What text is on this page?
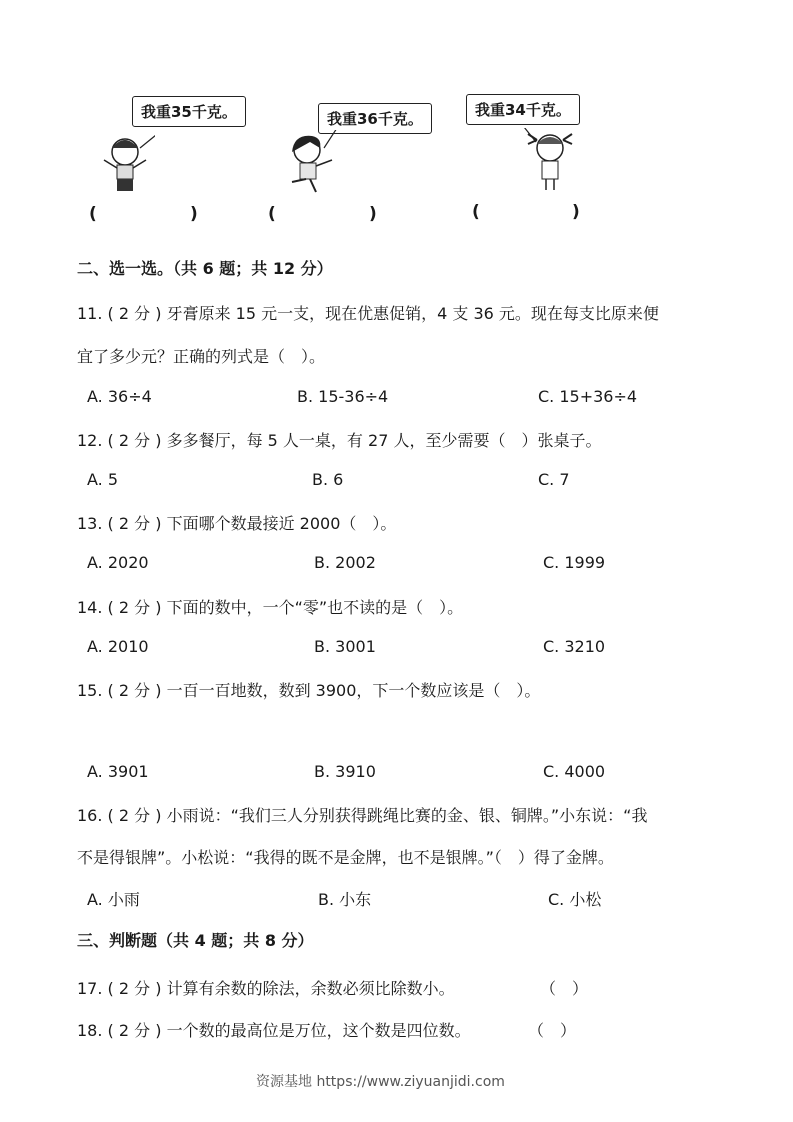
我重35千克。
(	)
我重36千克。
(	)
我重34千克。
(	)
二、选一选。（共 6 题；共 12 分）
11. ( 2 分 ) 牙膏原来 15 元一支，现在优惠促销，4 支 36 元。现在每支比原来便
宜了多少元？正确的列式是（　）。
A. 36÷4	B. 15-36÷4	C. 15+36÷4
12. ( 2 分 ) 多多餐厅，每 5 人一桌，有 27 人，至少需要（　）张桌子。
A. 5	B. 6	C. 7
13. ( 2 分 ) 下面哪个数最接近 2000（　）。
A. 2020	B. 2002	C. 1999
14. ( 2 分 ) 下面的数中，一个“零”也不读的是（　）。
A. 2010	B. 3001	C. 3210
15. ( 2 分 ) 一百一百地数，数到 3900，下一个数应该是（　）。
A. 3901	B. 3910	C. 4000
16. ( 2 分 ) 小雨说：“我们三人分别获得跳绳比赛的金、银、铜牌。”小东说：“我
不是得银牌”。小松说：“我得的既不是金牌，也不是银牌。”（　）得了金牌。
A. 小雨	B. 小东	C. 小松
三、判断题（共 4 题；共 8 分）
17. ( 2 分 ) 计算有余数的除法，余数必须比除数小。	（　）
18. ( 2 分 ) 一个数的最高位是万位，这个数是四位数。	（　）
资源基地 https://www.ziyuanjidi.com
